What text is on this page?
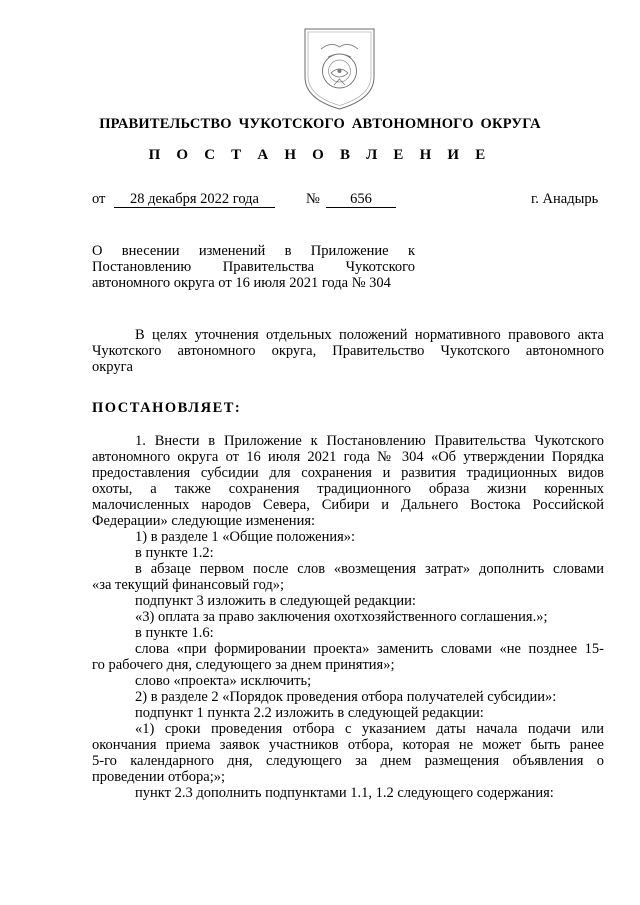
ПРАВИТЕЛЬСТВО ЧУКОТСКОГО АВТОНОМНОГО ОКРУГА
П О С Т А Н О В Л Е Н И Е
от	28 декабря 2022 года	№	656	г. Анадырь
О внесении изменений в Приложение к
Постановлению Правительства Чукотского
автономного округа от 16 июля 2021 года № 304
В целях уточнения отдельных положений нормативного правового акта
Чукотского автономного округа, Правительство Чукотского автономного
округа
ПОСТАНОВЛЯЕТ:
1. Внести в Приложение к Постановлению Правительства Чукотского
автономного округа от 16 июля 2021 года № 304 «Об утверждении Порядка
предоставления субсидии для сохранения и развития традиционных видов
охоты, а также сохранения традиционного образа жизни коренных
малочисленных народов Севера, Сибири и Дальнего Востока Российской
Федерации» следующие изменения:
1) в разделе 1 «Общие положения»:
в пункте 1.2:
в абзаце первом после слов «возмещения затрат» дополнить словами
«за текущий финансовый год»;
подпункт 3 изложить в следующей редакции:
«3) оплата за право заключения охотхозяйственного соглашения.»;
в пункте 1.6:
слова «при формировании проекта» заменить словами «не позднее 15-
го рабочего дня, следующего за днем принятия»;
слово «проекта» исключить;
2) в разделе 2 «Порядок проведения отбора получателей субсидии»:
подпункт 1 пункта 2.2 изложить в следующей редакции:
«1) сроки проведения отбора с указанием даты начала подачи или
окончания приема заявок участников отбора, которая не может быть ранее
5-го календарного дня, следующего за днем размещения объявления о
проведении отбора;»;
пункт 2.3 дополнить подпунктами 1.1, 1.2 следующего содержания:
